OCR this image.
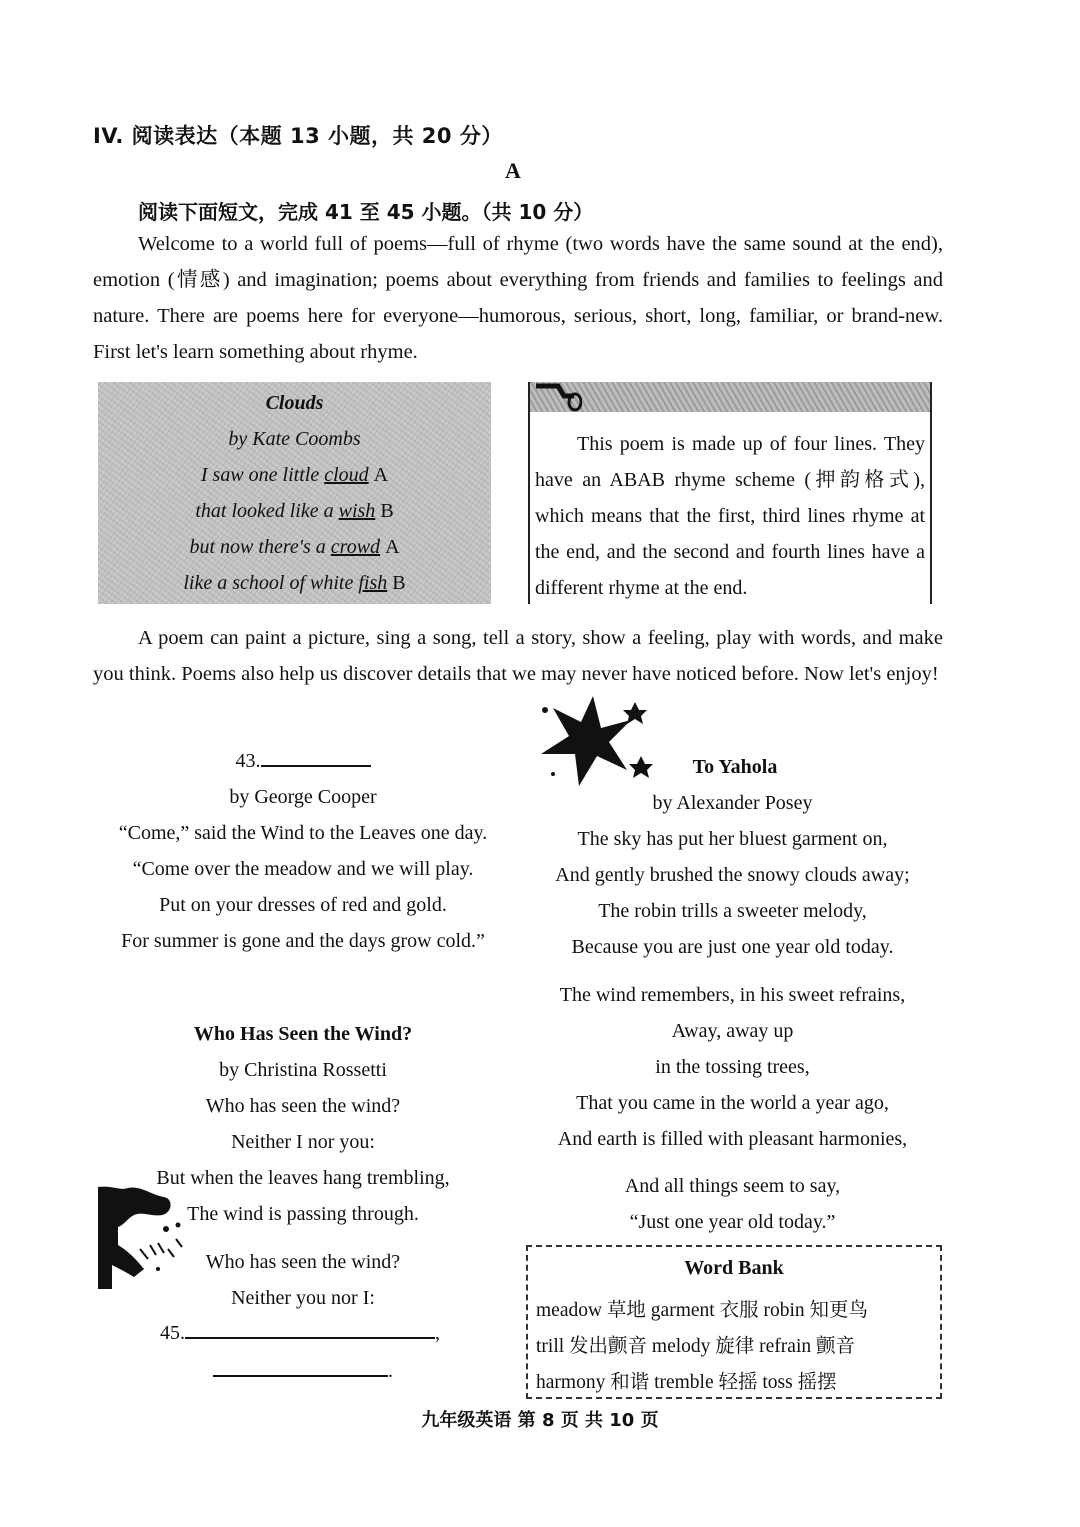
IV. 阅读表达（本题 13 小题，共 20 分）
A
阅读下面短文，完成 41 至 45 小题。（共 10 分）
Welcome to a world full of poems—full of rhyme (two words have the same sound at the end), emotion (情感) and imagination; poems about everything from friends and families to feelings and nature. There are poems here for everyone—humorous, serious, short, long, familiar, or brand-new. First let's learn something about rhyme.
Clouds
by Kate Coombs
I saw one little cloud A
that looked like a wish B
but now there's a crowd A
like a school of white fish B
This poem is made up of four lines. They have an ABAB rhyme scheme (押韵格式), which means that the first, third lines rhyme at the end, and the second and fourth lines have a different rhyme at the end.
A poem can paint a picture, sing a song, tell a story, show a feeling, play with words, and make you think. Poems also help us discover details that we may never have noticed before. Now let's enjoy!
43.
by George Cooper
“Come,” said the Wind to the Leaves one day.
“Come over the meadow and we will play.
Put on your dresses of red and gold.
For summer is gone and the days grow cold.”
Who Has Seen the Wind?
by Christina Rossetti
Who has seen the wind?
Neither I nor you:
But when the leaves hang trembling,
The wind is passing through.
Who has seen the wind?
Neither you nor I:
45.	,
.
To Yahola
by Alexander Posey
The sky has put her bluest garment on,
And gently brushed the snowy clouds away;
The robin trills a sweeter melody,
Because you are just one year old today.
The wind remembers, in his sweet refrains,
Away, away up
in the tossing trees,
That you came in the world a year ago,
And earth is filled with pleasant harmonies,
And all things seem to say,
“Just one year old today.”
Word Bank
meadow 草地 garment 衣服 robin 知更鸟
trill 发出颤音 melody 旋律 refrain 颤音
harmony 和谐 tremble 轻摇 toss 摇摆
九年级英语 第 8 页 共 10 页
